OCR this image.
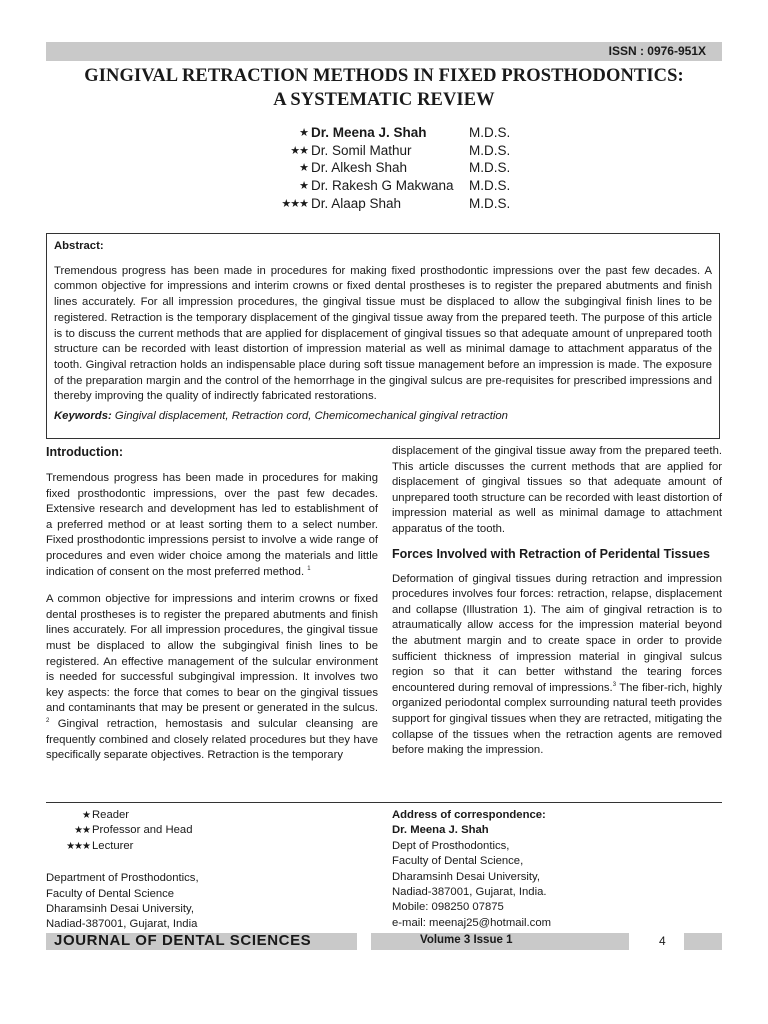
ISSN : 0976-951X
GINGIVAL RETRACTION METHODS IN FIXED PROSTHODONTICS:
A SYSTEMATIC REVIEW
★ Dr. Meena J. Shah	M.D.S.
★★ Dr. Somil Mathur	M.D.S.
★ Dr. Alkesh Shah	M.D.S.
★ Dr. Rakesh G Makwana	M.D.S.
★★★ Dr. Alaap Shah	M.D.S.
Abstract:
Tremendous progress has been made in procedures for making fixed prosthodontic impressions over the past few decades. A common objective for impressions and interim crowns or fixed dental prostheses is to register the prepared abutments and finish lines accurately. For all impression procedures, the gingival tissue must be displaced to allow the subgingival finish lines to be registered. Retraction is the temporary displacement of the gingival tissue away from the prepared teeth. The purpose of this article is to discuss the current methods that are applied for displacement of gingival tissues so that adequate amount of unprepared tooth structure can be recorded with least distortion of impression material as well as minimal damage to attachment apparatus of the tooth. Gingival retraction holds an indispensable place during soft tissue management before an impression is made. The exposure of the preparation margin and the control of the hemorrhage in the gingival sulcus are pre-requisites for prescribed impressions and thereby improving the quality of indirectly fabricated restorations.
Keywords: Gingival displacement, Retraction cord, Chemicomechanical gingival retraction
Introduction:

Tremendous progress has been made in procedures for making fixed prosthodontic impressions, over the past few decades. Extensive research and development has led to establishment of a preferred method or at least sorting them to a select number. Fixed prosthodontic impressions persist to involve a wide range of procedures and even wider choice among the materials and little indication of consent on the most preferred method. $^1$

A common objective for impressions and interim crowns or fixed dental prostheses is to register the prepared abutments and finish lines accurately. For all impression procedures, the gingival tissue must be displaced to allow the subgingival finish lines to be registered. An effective management of the sulcular environment is needed for successful subgingival impression. It involves two key aspects: the force that comes to bear on the gingival tissues and contaminants that may be present or generated in the sulcus. $^2$ Gingival retraction, hemostasis and sulcular cleansing are frequently combined and closely related procedures but they have specifically separate objectives. Retraction is the temporary

displacement of the gingival tissue away from the prepared teeth. This article discusses the current methods that are applied for displacement of gingival tissues so that adequate amount of unprepared tooth structure can be recorded with least distortion of impression material as well as minimal damage to attachment apparatus of the tooth.

Forces Involved with Retraction of Peridental Tissues

Deformation of gingival tissues during retraction and impression procedures involves four forces: retraction, relapse, displacement and collapse (Illustration 1). The aim of gingival retraction is to atraumatically allow access for the impression material beyond the abutment margin and to create space in order to provide sufficient thickness of impression material in gingival sulcus region so that it can better withstand the tearing forces encountered during removal of impressions.$^3$ The fiber-rich, highly organized periodontal complex surrounding natural teeth provides support for gingival tissues when they are retracted, mitigating the collapse of the tissues when the retraction agents are removed before making the impression.

★ Reader
★★ Professor and Head
★★★ Lecturer
Department of Prosthodontics,
Faculty of Dental Science
Dharamsinh Desai University,
Nadiad-387001, Gujarat, India
Address of correspondence:
Dr. Meena J. Shah
Dept of Prosthodontics,
Faculty of Dental Science,
Dharamsinh Desai University,
Nadiad-387001, Gujarat, India.
Mobile: 098250 07875
e-mail: meenaj25@hotmail.com
JOURNAL OF DENTAL SCIENCES	Volume 3 Issue 1	4
